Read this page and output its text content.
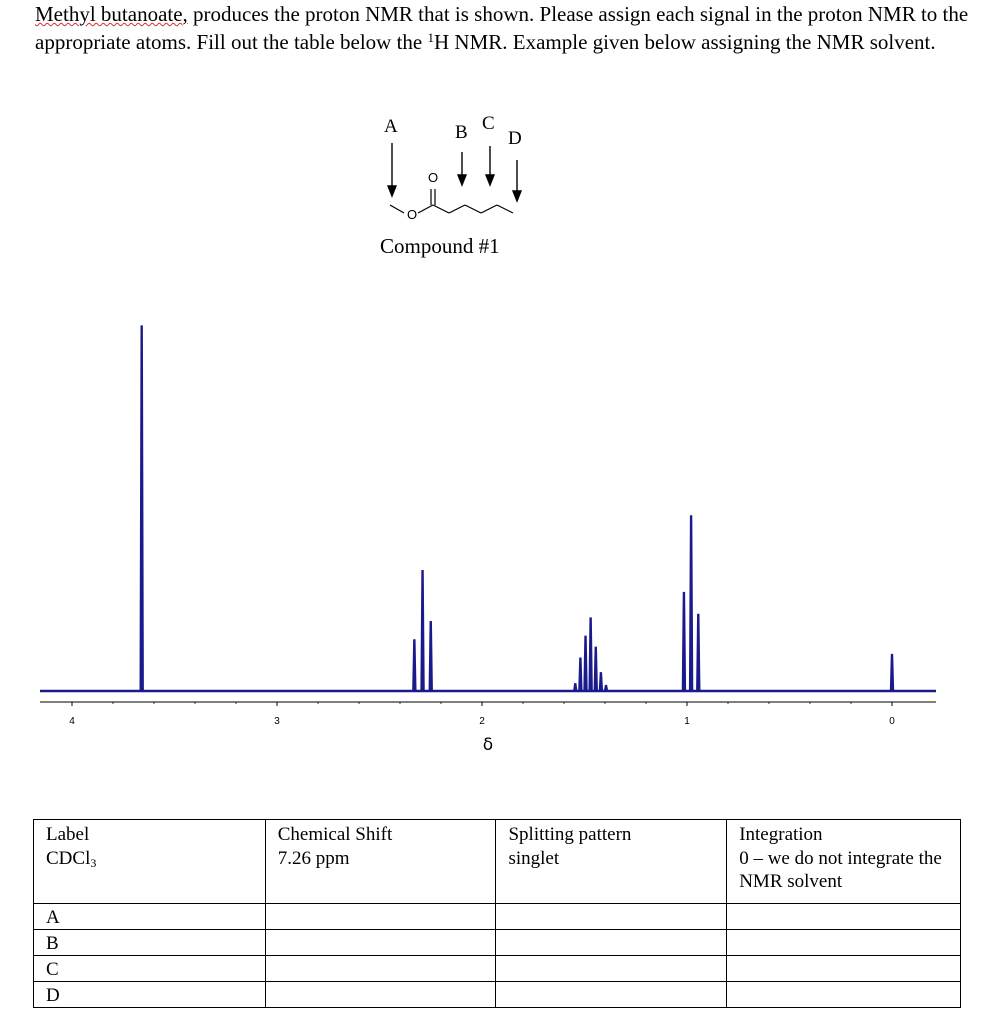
Methyl butanoate, produces the proton NMR that is shown. Please assign each signal in the proton NMR to the appropriate atoms. Fill out the table below the $^1$H NMR. Example given below assigning the NMR solvent.
A	B C
D
O
O
Compound #1
4	3	2	1	0
δ
Label	Chemical Shift	Splitting pattern	Integration
CDCl$_3$	7.26 ppm	singlet	0 – we do not integrate the NMR solvent
A			
B			
C			
D			
